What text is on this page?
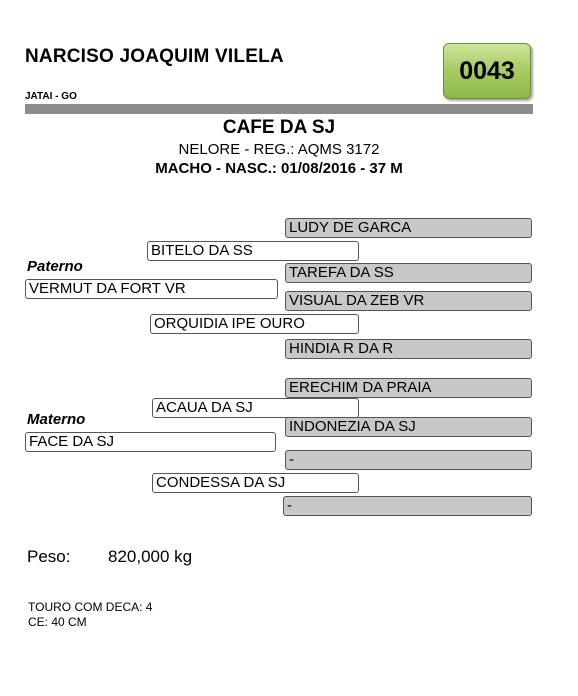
NARCISO JOAQUIM VILELA
JATAI - GO
0043
CAFE DA SJ
NELORE - REG.: AQMS 3172
MACHO - NASC.: 01/08/2016 - 37 M
LUDY DE GARCA
BITELO DA SS
Paterno	TAREFA DA SS
VERMUT DA FORT VR
VISUAL DA ZEB VR
ORQUIDIA IPE OURO
HINDIA R DA R
ERECHIM DA PRAIA
ACAUA DA SJ
Materno	INDONEZIA DA SJ
FACE DA SJ
-
CONDESSA DA SJ
-
Peso: 820,000 kg
TOURO COM DECA: 4
CE: 40 CM
